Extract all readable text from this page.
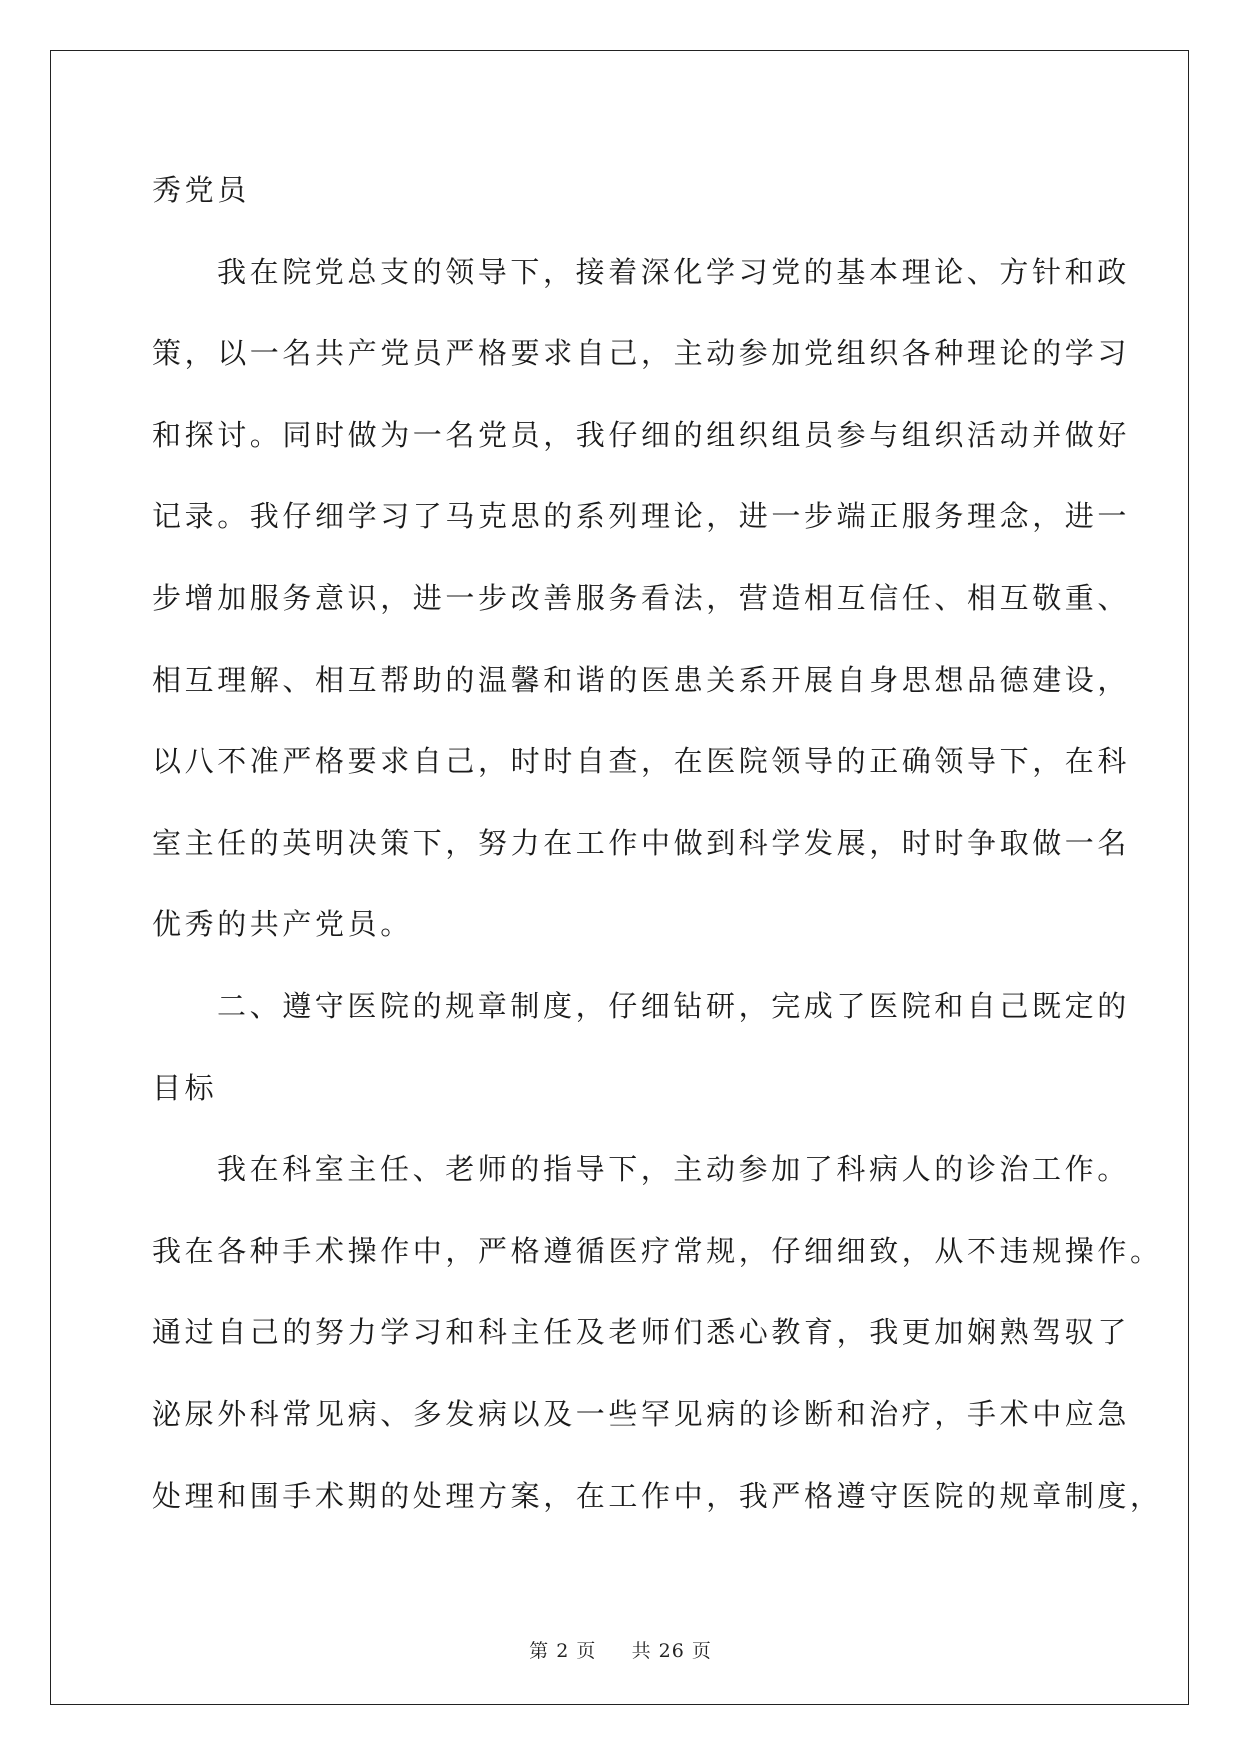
秀党员
我在院党总支的领导下，接着深化学习党的基本理论、方针和政
策，以一名共产党员严格要求自己，主动参加党组织各种理论的学习
和探讨。同时做为一名党员，我仔细的组织组员参与组织活动并做好
记录。我仔细学习了马克思的系列理论，进一步端正服务理念，进一
步增加服务意识，进一步改善服务看法，营造相互信任、相互敬重、
相互理解、相互帮助的温馨和谐的医患关系开展自身思想品德建设，
以八不准严格要求自己，时时自查，在医院领导的正确领导下，在科
室主任的英明决策下，努力在工作中做到科学发展，时时争取做一名
优秀的共产党员。
二、遵守医院的规章制度，仔细钻研，完成了医院和自己既定的
目标
我在科室主任、老师的指导下，主动参加了科病人的诊治工作。
我在各种手术操作中，严格遵循医疗常规，仔细细致，从不违规操作。
通过自己的努力学习和科主任及老师们悉心教育，我更加娴熟驾驭了
泌尿外科常见病、多发病以及一些罕见病的诊断和治疗，手术中应急
处理和围手术期的处理方案，在工作中，我严格遵守医院的规章制度，
第 2 页 共 26 页
